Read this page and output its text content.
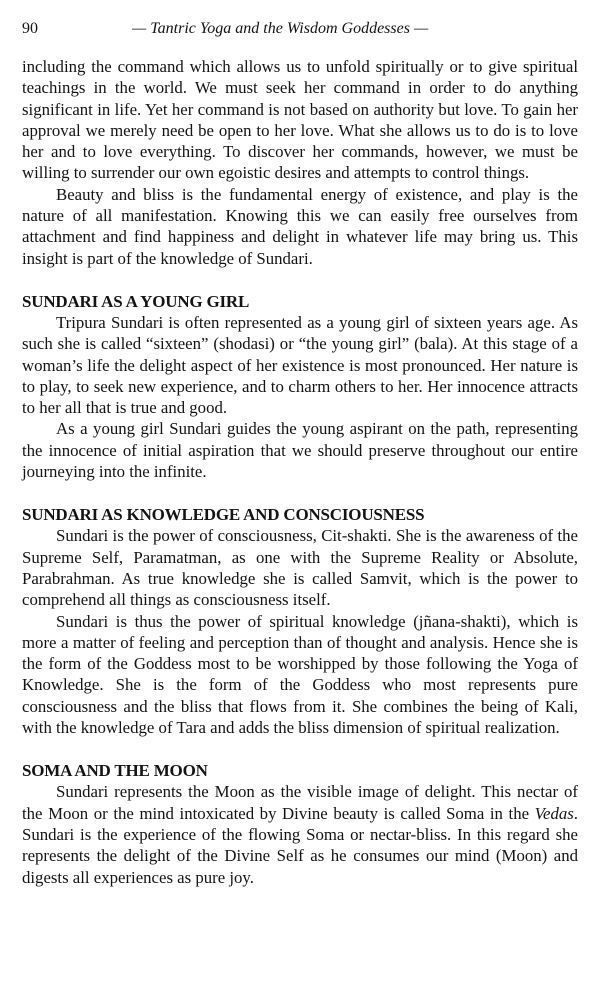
90	— Tantric Yoga and the Wisdom Goddesses —

including the command which allows us to unfold spiritually or to give spiritual teachings in the world. We must seek her command in order to do anything significant in life. Yet her command is not based on authority but love. To gain her approval we merely need be open to her love. What she allows us to do is to love her and to love everything. To discover her commands, however, we must be willing to surrender our own egoistic desires and attempts to control things.

Beauty and bliss is the fundamental energy of existence, and play is the nature of all manifestation. Knowing this we can easily free ourselves from attachment and find happiness and delight in whatever life may bring us. This insight is part of the knowledge of Sundari.

SUNDARI AS A YOUNG GIRL

Tripura Sundari is often represented as a young girl of sixteen years age. As such she is called “sixteen” (shodasi) or “the young girl” (bala). At this stage of a woman’s life the delight aspect of her existence is most pronounced. Her nature is to play, to seek new experience, and to charm others to her. Her innocence attracts to her all that is true and good.

As a young girl Sundari guides the young aspirant on the path, representing the innocence of initial aspiration that we should preserve throughout our entire journeying into the infinite.

SUNDARI AS KNOWLEDGE AND CONSCIOUSNESS

Sundari is the power of consciousness, Cit-shakti. She is the awareness of the Supreme Self, Paramatman, as one with the Supreme Reality or Absolute, Parabrahman. As true knowledge she is called Samvit, which is the power to comprehend all things as consciousness itself.

Sundari is thus the power of spiritual knowledge (jñana-shakti), which is more a matter of feeling and perception than of thought and analysis. Hence she is the form of the Goddess most to be worshipped by those following the Yoga of Knowledge. She is the form of the Goddess who most represents pure consciousness and the bliss that flows from it. She combines the being of Kali, with the knowledge of Tara and adds the bliss dimension of spiritual realization.

SOMA AND THE MOON

Sundari represents the Moon as the visible image of delight. This nectar of the Moon or the mind intoxicated by Divine beauty is called Soma in the Vedas. Sundari is the experience of the flowing Soma or nectar-bliss. In this regard she represents the delight of the Divine Self as he consumes our mind (Moon) and digests all experiences as pure joy.
